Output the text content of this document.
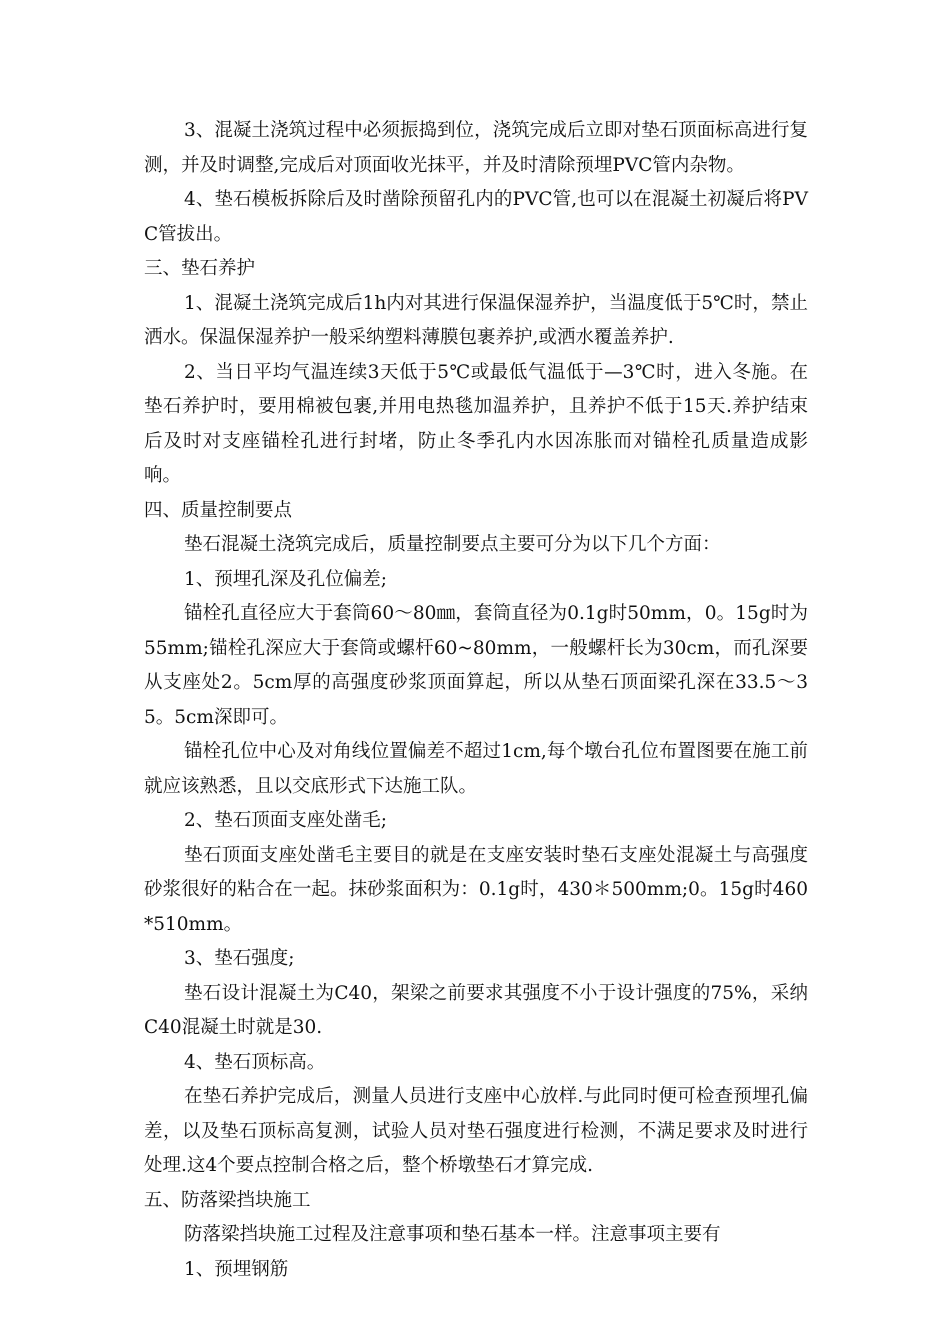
3、混凝土浇筑过程中必须振捣到位，浇筑完成后立即对垫石顶面标高进行复测，并及时调整,完成后对顶面收光抹平，并及时清除预埋PVC管内杂物。

4、垫石模板拆除后及时凿除预留孔内的PVC管,也可以在混凝土初凝后将PVC管拔出。

三、垫石养护

1、混凝土浇筑完成后1h内对其进行保温保湿养护，当温度低于5℃时，禁止洒水。保温保湿养护一般采纳塑料薄膜包裹养护,或洒水覆盖养护.

2、当日平均气温连续3天低于5℃或最低气温低于—3℃时，进入冬施。在垫石养护时，要用棉被包裹,并用电热毯加温养护，且养护不低于15天.养护结束后及时对支座锚栓孔进行封堵，防止冬季孔内水因冻胀而对锚栓孔质量造成影响。

四、质量控制要点

垫石混凝土浇筑完成后，质量控制要点主要可分为以下几个方面：

1、预埋孔深及孔位偏差;

锚栓孔直径应大于套筒60～80㎜，套筒直径为0.1g时50mm，0。15g时为55mm;锚栓孔深应大于套筒或螺杆60~80mm，一般螺杆长为30cm，而孔深要从支座处2。5cm厚的高强度砂浆顶面算起，所以从垫石顶面梁孔深在33.5～35。5cm深即可。

锚栓孔位中心及对角线位置偏差不超过1cm,每个墩台孔位布置图要在施工前就应该熟悉，且以交底形式下达施工队。

2、垫石顶面支座处凿毛;

垫石顶面支座处凿毛主要目的就是在支座安装时垫石支座处混凝土与高强度砂浆很好的粘合在一起。抹砂浆面积为：0.1g时，430＊500mm;0。15g时460*510mm。

3、垫石强度;

垫石设计混凝土为C40，架梁之前要求其强度不小于设计强度的75%，采纳C40混凝土时就是30.

4、垫石顶标高。

在垫石养护完成后，测量人员进行支座中心放样.与此同时便可检查预埋孔偏差，以及垫石顶标高复测，试验人员对垫石强度进行检测，不满足要求及时进行处理.这4个要点控制合格之后，整个桥墩垫石才算完成.

五、防落梁挡块施工

防落梁挡块施工过程及注意事项和垫石基本一样。注意事项主要有

1、预埋钢筋
